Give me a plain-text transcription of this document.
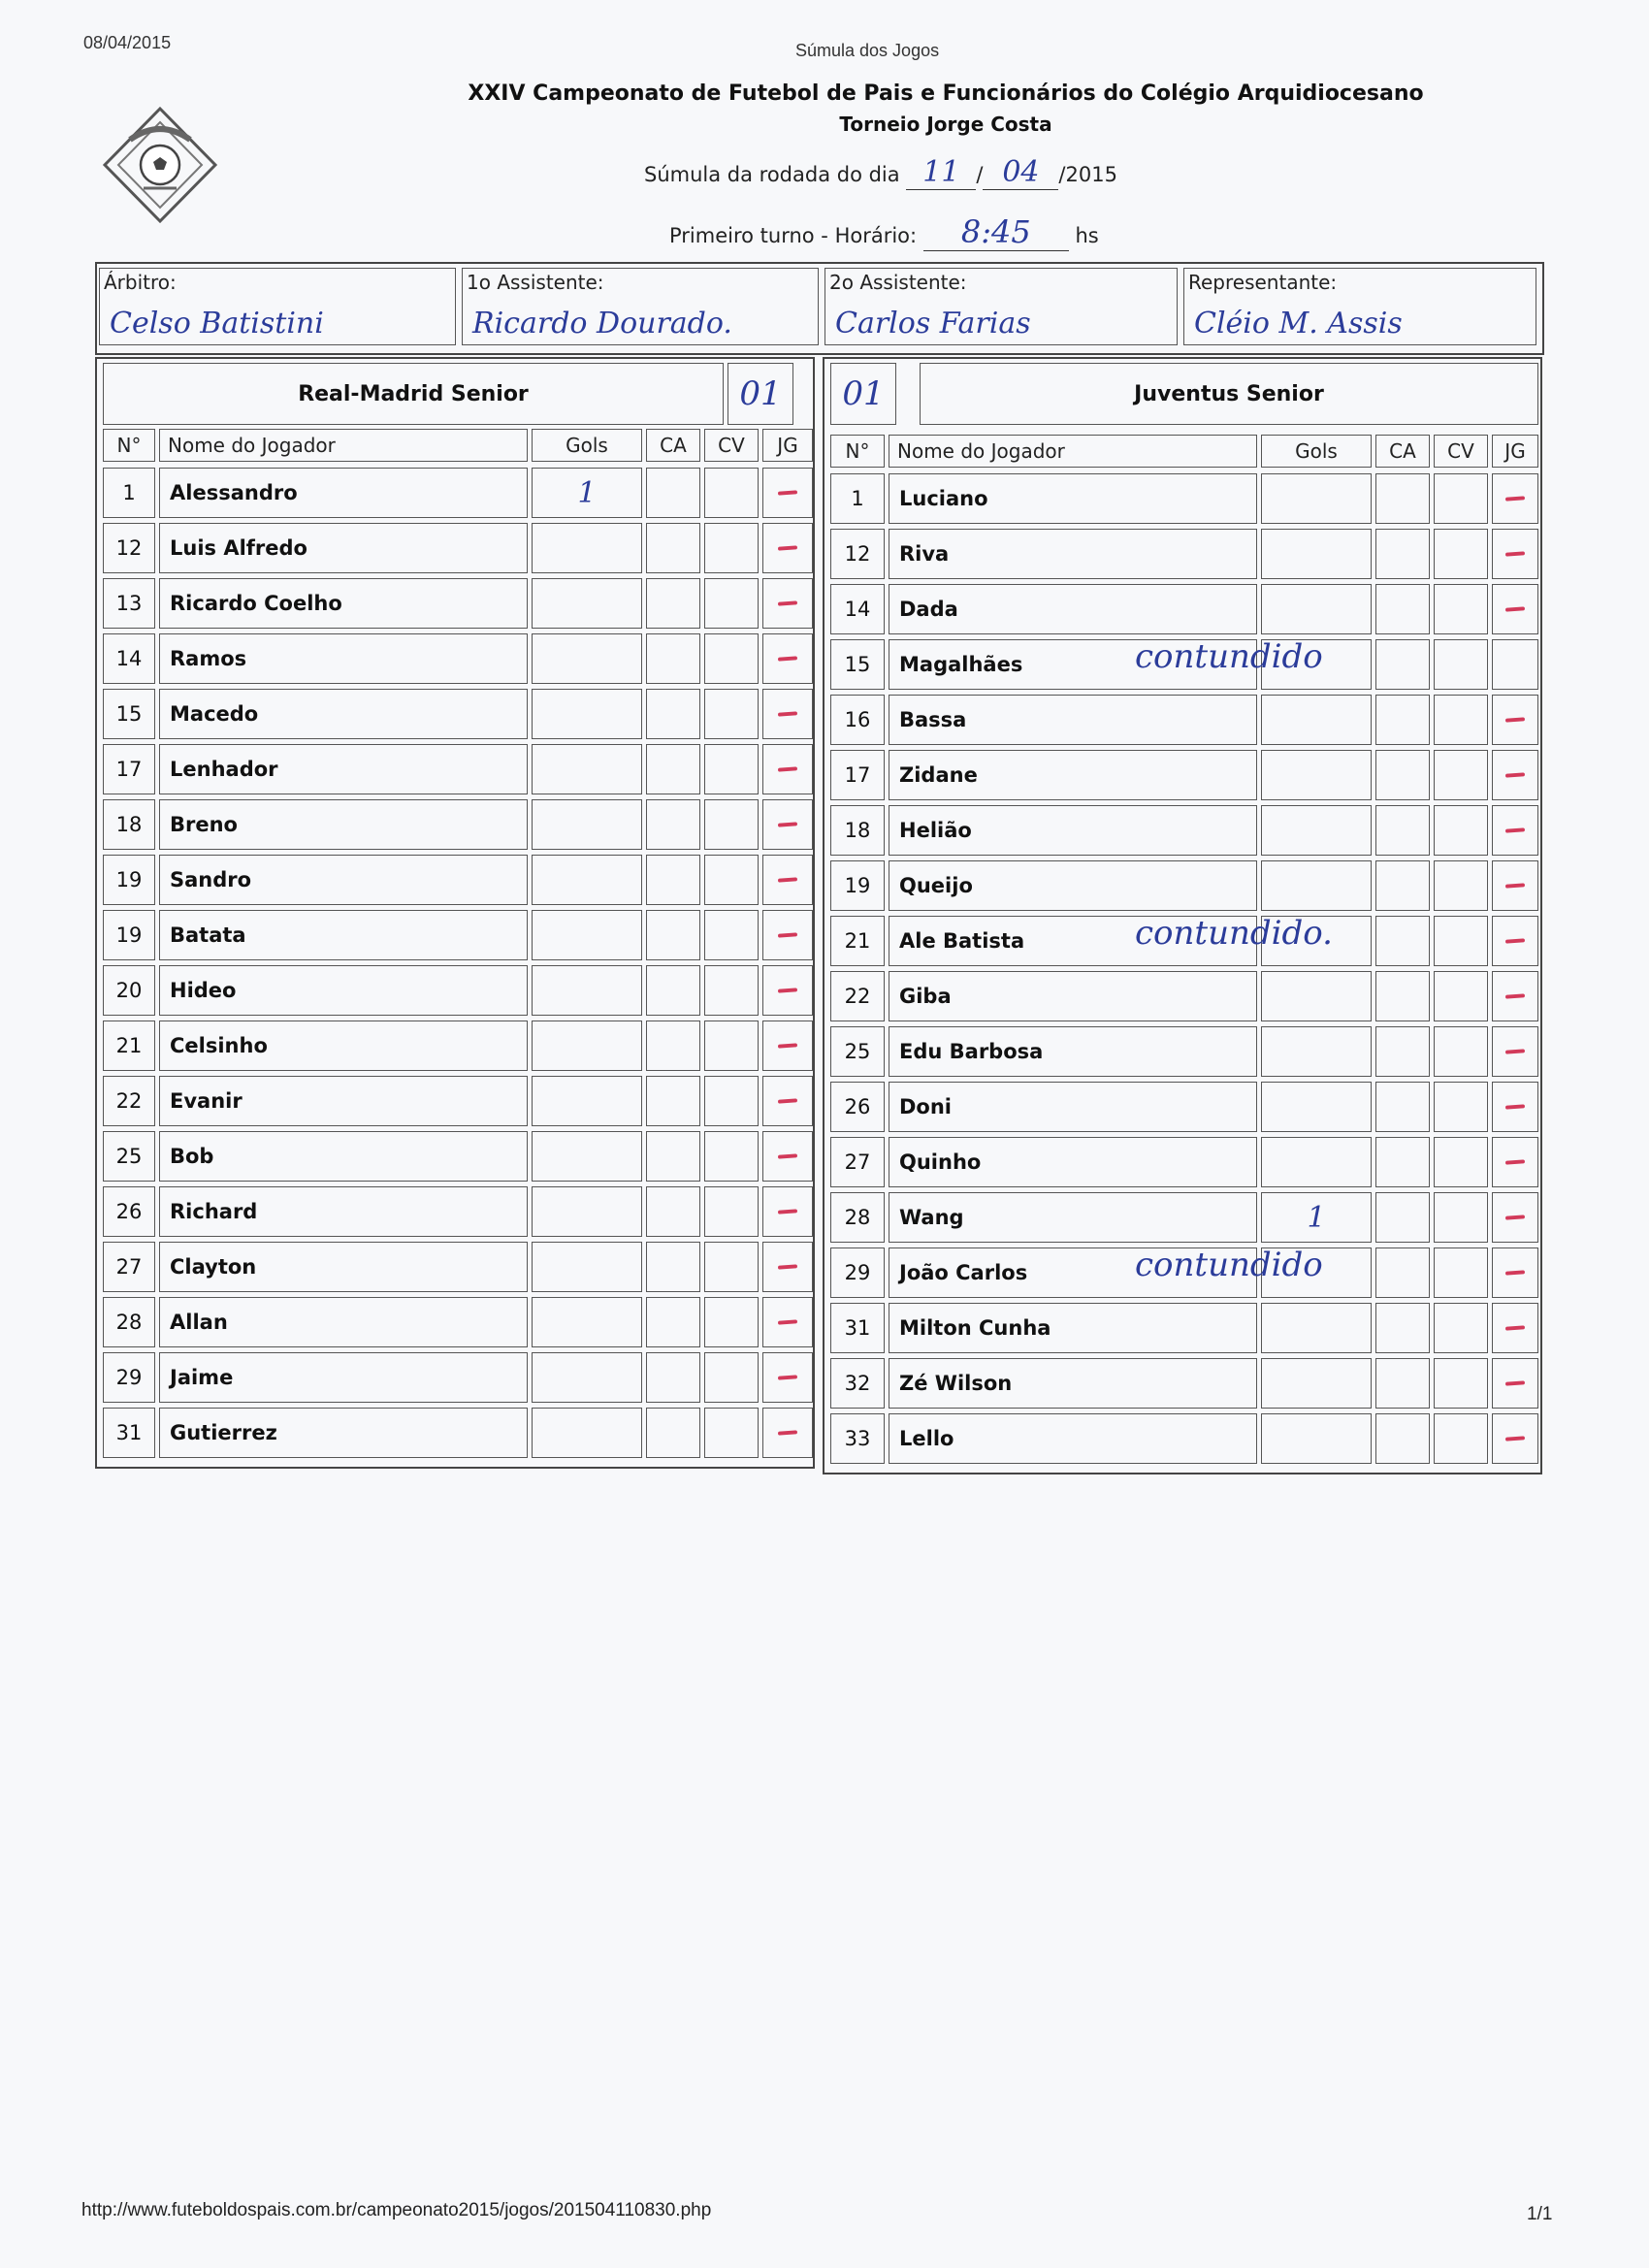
08/04/2015	Súmula dos Jogos
XXIV Campeonato de Futebol de Pais e Funcionários do Colégio Arquidiocesano
Torneio Jorge Costa
Súmula da rodada do dia 11 / 04 /2015
Primeiro turno - Horário: 8:45 hs
Árbitro:
Celso Batistini
1o Assistente:
Ricardo Dourado.
2o Assistente:
Carlos Farias
Representante:
Cléio M. Assis
Real-Madrid Senior	01
N°	Nome do Jogador	Gols	CA	CV	JG
1	Alessandro	1
12	Luis Alfredo
13	Ricardo Coelho
14	Ramos
15	Macedo
17	Lenhador
18	Breno
19	Sandro
19	Batata
20	Hideo
21	Celsinho
22	Evanir
25	Bob
26	Richard
27	Clayton
28	Allan
29	Jaime
31	Gutierrez
Juventus Senior
01
N°	Nome do Jogador	Gols	CA	CV	JG
1	Luciano
12	Riva
14	Dada
15	Magalhães	contundido
16	Bassa
17	Zidane
18	Helião
19	Queijo
21	Ale Batista	contundido.
22	Giba
25	Edu Barbosa
26	Doni
27	Quinho
28	Wang	1
29	João Carlos	contundido
31	Milton Cunha
32	Zé Wilson
33	Lello
http://www.futeboldospais.com.br/campeonato2015/jogos/201504110830.php	1/1
